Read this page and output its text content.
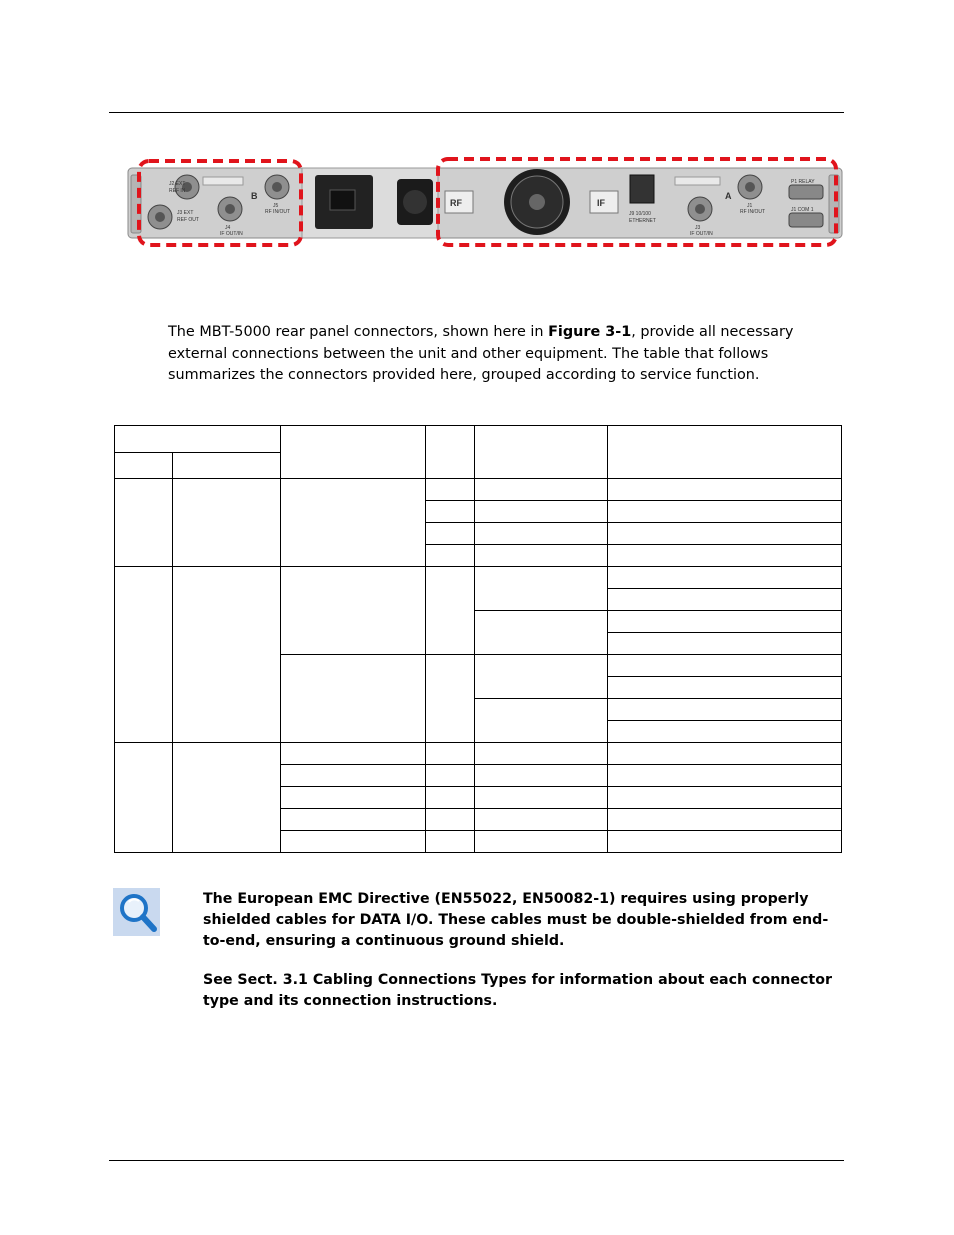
J2 EXT
REF IN
J3 EXT
REF OUT
J4
IF OUT/IN
J5
RF IN/OUT	J9 10/100
ETHERNET
J3
IF OUT/IN
J1
RF IN/OUT
P1 RELAY
J1 COM 1
B
RF	IF
A
The MBT-5000 rear panel connectors, shown here in Figure 3-1, provide all necessary external connections between the unit and other equipment. The table that follows summarizes the connectors provided here, grouped according to service function.

The European EMC Directive (EN55022, EN50082-1) requires using properly shielded cables for DATA I/O. These cables must be double-shielded from end-to-end, ensuring a continuous ground shield.

See Sect. 3.1 Cabling Connections Types for information about each connector type and its connection instructions.
